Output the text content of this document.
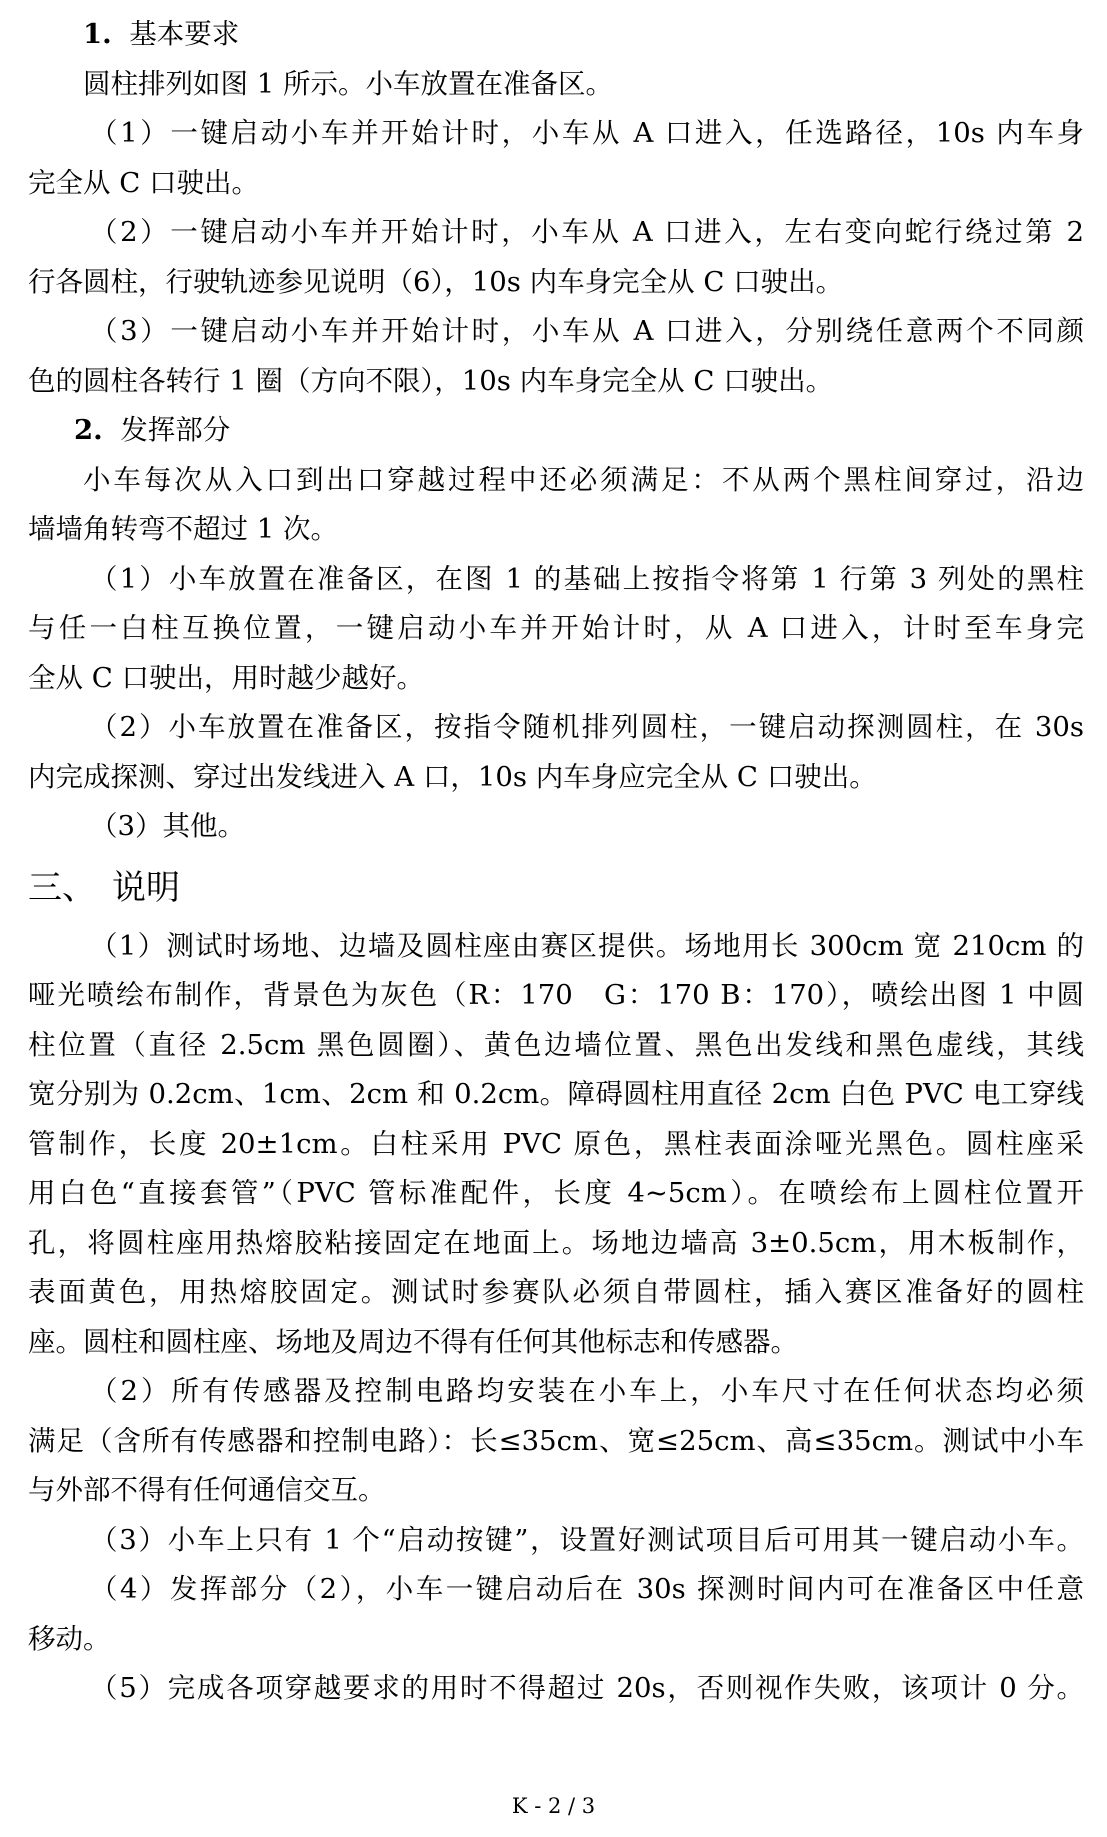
1. 基本要求
圆柱排列如图 1 所示。小车放置在准备区。
（1）一键启动小车并开始计时，小车从 A 口进入，任选路径，10s 内车身
完全从 C 口驶出。
（2）一键启动小车并开始计时，小车从 A 口进入，左右变向蛇行绕过第 2
行各圆柱，行驶轨迹参见说明（6），10s 内车身完全从 C 口驶出。
（3）一键启动小车并开始计时，小车从 A 口进入，分别绕任意两个不同颜
色的圆柱各转行 1 圈（方向不限），10s 内车身完全从 C 口驶出。
2. 发挥部分
小车每次从入口到出口穿越过程中还必须满足：不从两个黑柱间穿过，沿边
墙墙角转弯不超过 1 次。
（1）小车放置在准备区，在图 1 的基础上按指令将第 1 行第 3 列处的黑柱
与任一白柱互换位置，一键启动小车并开始计时，从 A 口进入，计时至车身完
全从 C 口驶出，用时越少越好。
（2）小车放置在准备区，按指令随机排列圆柱，一键启动探测圆柱，在 30s
内完成探测、穿过出发线进入 A 口，10s 内车身应完全从 C 口驶出。
（3）其他。
三、 说明
（1）测试时场地、边墙及圆柱座由赛区提供。场地用长 300cm 宽 210cm 的
哑光喷绘布制作，背景色为灰色（R：170　G：170 B：170），喷绘出图 1 中圆
柱位置（直径 2.5cm 黑色圆圈）、黄色边墙位置、黑色出发线和黑色虚线，其线
宽分别为 0.2cm、1cm、2cm 和 0.2cm。障碍圆柱用直径 2cm 白色 PVC 电工穿线
管制作，长度 20±1cm。白柱采用 PVC 原色，黑柱表面涂哑光黑色。圆柱座采
用白色“直接套管”（PVC 管标准配件，长度 4~5cm）。在喷绘布上圆柱位置开
孔，将圆柱座用热熔胶粘接固定在地面上。场地边墙高 3±0.5cm，用木板制作，
表面黄色，用热熔胶固定。测试时参赛队必须自带圆柱，插入赛区准备好的圆柱
座。圆柱和圆柱座、场地及周边不得有任何其他标志和传感器。
（2）所有传感器及控制电路均安装在小车上，小车尺寸在任何状态均必须
满足（含所有传感器和控制电路）：长≤35cm、宽≤25cm、高≤35cm。测试中小车
与外部不得有任何通信交互。
（3）小车上只有 1 个“启动按键”，设置好测试项目后可用其一键启动小车。
（4）发挥部分（2），小车一键启动后在 30s 探测时间内可在准备区中任意
移动。
（5）完成各项穿越要求的用时不得超过 20s，否则视作失败，该项计 0 分。
K - 2 / 3
